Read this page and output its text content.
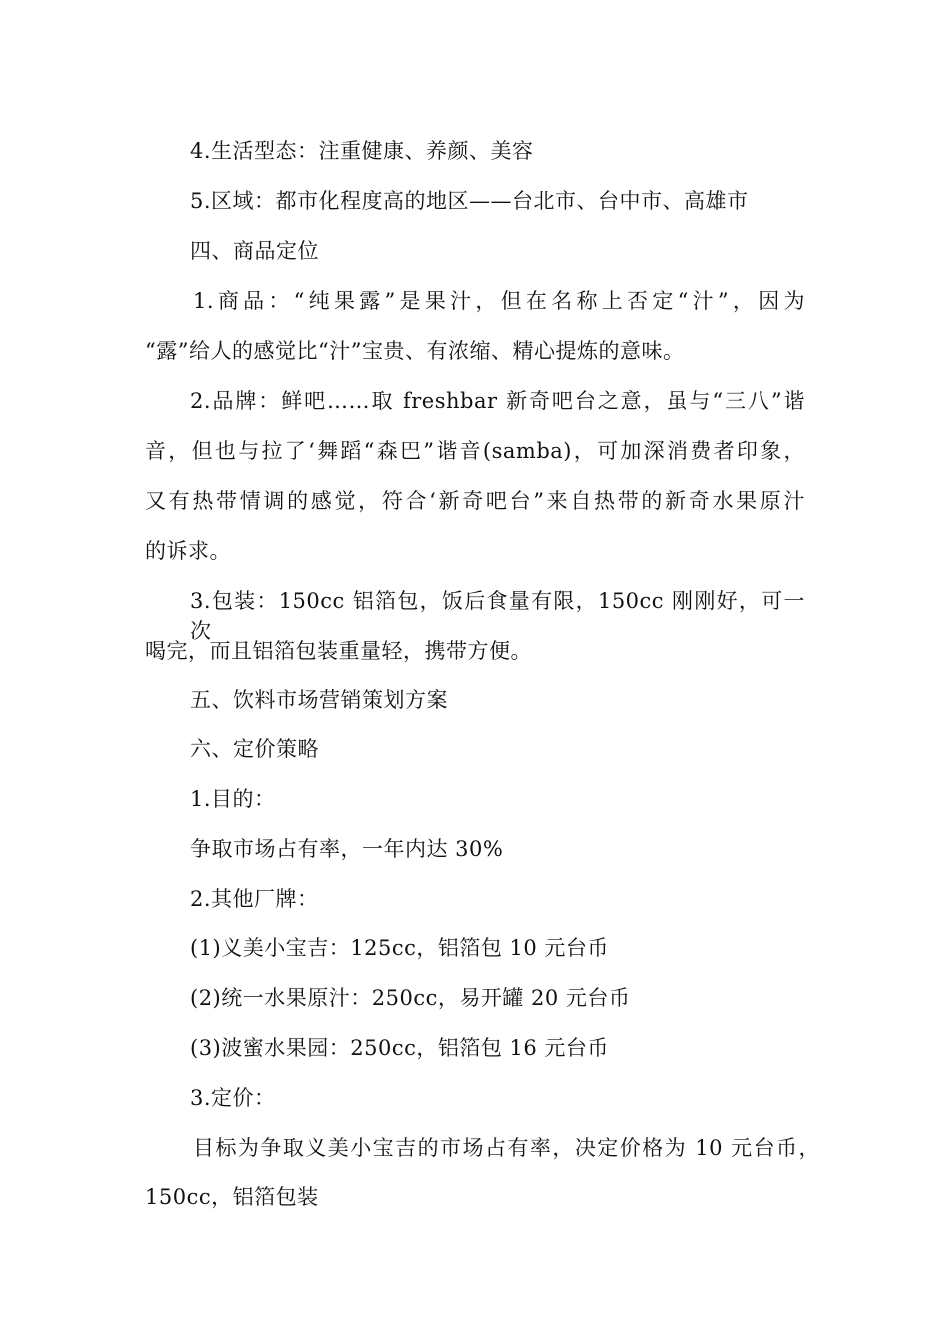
4.生活型态：注重健康、养颜、美容
5.区域：都市化程度高的地区——台北市、台中市、高雄市
四、商品定位
1.商品：“纯果露”是果汁，但在名称上否定“汁”，因为
“露”给人的感觉比“汁”宝贵、有浓缩、精心提炼的意味。
2.品牌：鲜吧……取 freshbar 新奇吧台之意，虽与“三八”谐
音，但也与拉了‘舞蹈“森巴”谐音(samba)，可加深消费者印象，
又有热带情调的感觉，符合‘新奇吧台”来自热带的新奇水果原汁
的诉求。
3.包装：150cc 铝箔包，饭后食量有限，150cc 刚刚好，可一次
喝完，而且铝箔包装重量轻，携带方便。
五、饮料市场营销策划方案
六、定价策略
1.目的：
争取市场占有率，一年内达 30%
2.其他厂牌：
(1)义美小宝吉：125cc，铝箔包 10 元台币
(2)统一水果原汁：250cc，易开罐 20 元台币
(3)波蜜水果园：250cc，铝箔包 16 元台币
3.定价：
目标为争取义美小宝吉的市场占有率，决定价格为 10 元台币，
150cc，铝箔包装
